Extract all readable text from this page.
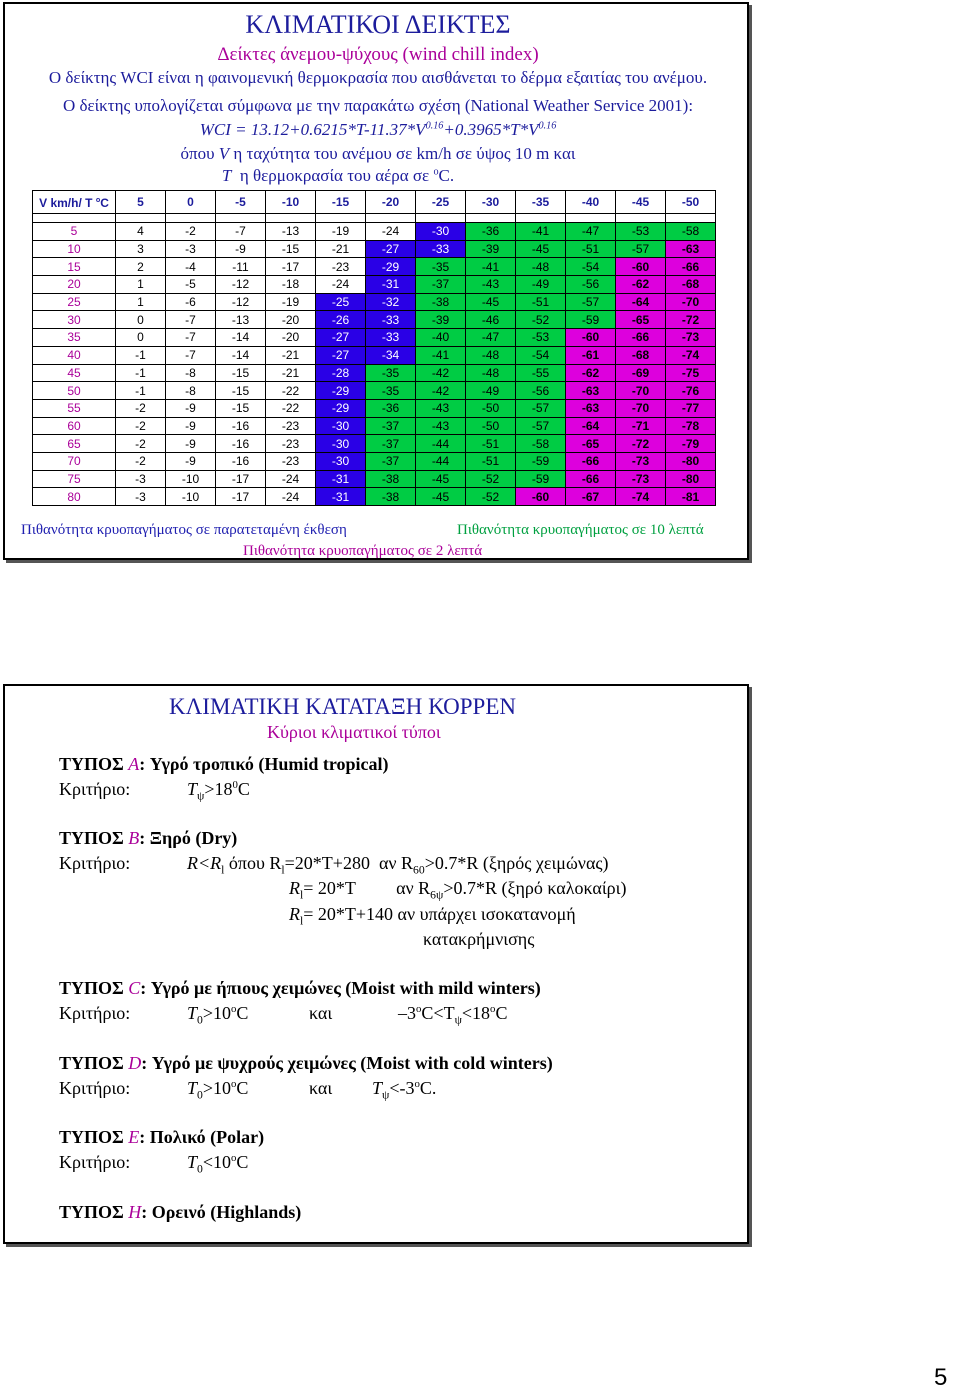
ΚΛΙΜΑΤΙΚΟΙ ΔΕΙΚΤΕΣ
Δείκτες άνεμου-ψύχους (wind chill index)
Ο δείκτης WCI είναι η φαινομενική θερμοκρασία που αισθάνεται το δέρμα εξαιτίας του ανέμου.
Ο δείκτης υπολογίζεται σύμφωνα με την παρακάτω σχέση (National Weather Service 2001):
WCI = $13.12+0.6215*T-11.37*V^{0.16}+0.3965*T*V^{0.16}$
όπου V η ταχύτητα του ανέμου σε km/h σε ύψος 10 m και
T  η θερμοκρασία του αέρα σε $^o$C.
V km/h/ T $^o$C	5	0	-5	-10	-15	-20	-25	-30	-35	-40	-45	-50

5	4	-2	-7	-13	-19	-24	-30	-36	-41	-47	-53	-58
10	3	-3	-9	-15	-21	-27	-33	-39	-45	-51	-57	-63
15	2	-4	-11	-17	-23	-29	-35	-41	-48	-54	-60	-66
20	1	-5	-12	-18	-24	-31	-37	-43	-49	-56	-62	-68
25	1	-6	-12	-19	-25	-32	-38	-45	-51	-57	-64	-70
30	0	-7	-13	-20	-26	-33	-39	-46	-52	-59	-65	-72
35	0	-7	-14	-20	-27	-33	-40	-47	-53	-60	-66	-73
40	-1	-7	-14	-21	-27	-34	-41	-48	-54	-61	-68	-74
45	-1	-8	-15	-21	-28	-35	-42	-48	-55	-62	-69	-75
50	-1	-8	-15	-22	-29	-35	-42	-49	-56	-63	-70	-76
55	-2	-9	-15	-22	-29	-36	-43	-50	-57	-63	-70	-77
60	-2	-9	-16	-23	-30	-37	-43	-50	-57	-64	-71	-78
65	-2	-9	-16	-23	-30	-37	-44	-51	-58	-65	-72	-79
70	-2	-9	-16	-23	-30	-37	-44	-51	-59	-66	-73	-80
75	-3	-10	-17	-24	-31	-38	-45	-52	-59	-66	-73	-80
80	-3	-10	-17	-24	-31	-38	-45	-52	-60	-67	-74	-81
Πιθανότητα κρυοπαγήματος σε παρατεταμένη έκθεση	Πιθανότητα κρυοπαγήματος σε 10 λεπτά
Πιθανότητα κρυοπαγήματος σε 2 λεπτά
ΚΛΙΜΑΤΙΚΗ ΚΑΤΑΤΑΞΗ ΚΟΡΡΕΝ
Κύριοι κλιματικοί τύποι
ΤΥΠΟΣ A: Υγρό τροπικό (Humid tropical)
Κριτήριο:	$T_\psi>18^0C$
ΤΥΠΟΣ B: Ξηρό (Dry)
Κριτήριο:	$R<R_l$ όπου $R_l=20*T+280$  αν $R_{60}>0.7*R$ (ξηρός χειμώνας)
$R_l= 20*T$         αν $R_{6\psi}>0.7*R$ (ξηρό καλοκαίρι)
$R_l= 20*T+140$ αν υπάρχει ισοκατανομή
κατακρήμνισης
ΤΥΠΟΣ C: Υγρό με ήπιους χειμώνες (Moist with mild winters)
Κριτήριο:	$T_0>10^oC$	και	$-3^oC<T_\psi<18^oC$
ΤΥΠΟΣ D: Υγρό με ψυχρούς χειμώνες (Moist with cold winters)
Κριτήριο:	$T_0>10^oC$	και $T_\psi<-3^oC$.
ΤΥΠΟΣ E: Πολικό (Polar)
Κριτήριο:	$T_0<10^oC$
ΤΥΠΟΣ H: Ορεινό (Highlands)
5
